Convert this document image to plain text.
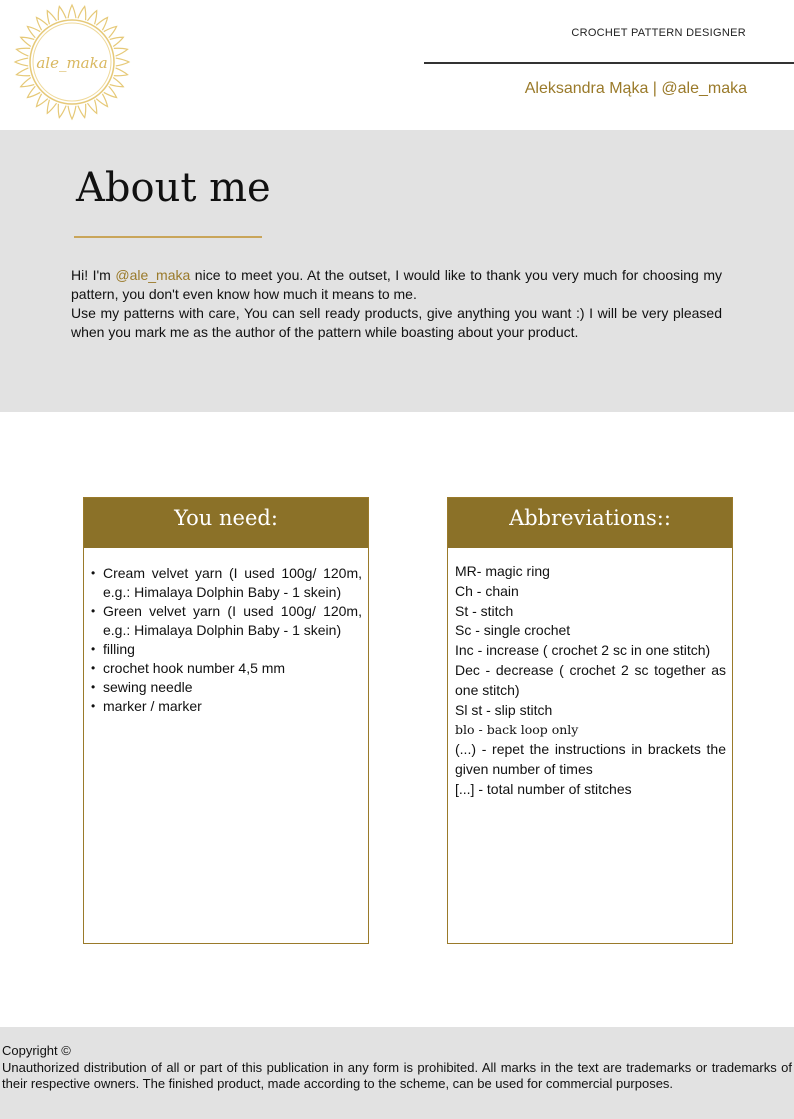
ale_maka
CROCHET PATTERN DESIGNER
Aleksandra Mąka | @ale_maka
About me

Hi! I'm @ale_maka nice to meet you. At the outset, I would like to thank you very much for choosing my pattern, you don't even know how much it means to me.
Use my patterns with care, You can sell ready products, give anything you want :) I will be very pleased when you mark me as the author of the pattern while boasting about your product.

You need:
• Cream velvet yarn (I used 100g/ 120m, e.g.: Himalaya Dolphin Baby - 1 skein)
• Green velvet yarn (I used 100g/ 120m, e.g.: Himalaya Dolphin Baby - 1 skein)
• filling
• crochet hook number 4,5 mm
• sewing needle
• marker / marker
Abbreviations::
MR- magic ring
Ch - chain
St - stitch
Sc - single crochet
Inc - increase ( crochet 2 sc in one stitch)
Dec - decrease ( crochet 2 sc together as one stitch)
Sl st - slip stitch
blo - back loop only
(...) - repet the instructions in brackets the given number of times
[...] - total number of stitches
Copyright ©

Unauthorized distribution of all or part of this publication in any form is prohibited. All marks in the text are trademarks or trademarks of their respective owners. The finished product, made according to the scheme, can be used for commercial purposes.
